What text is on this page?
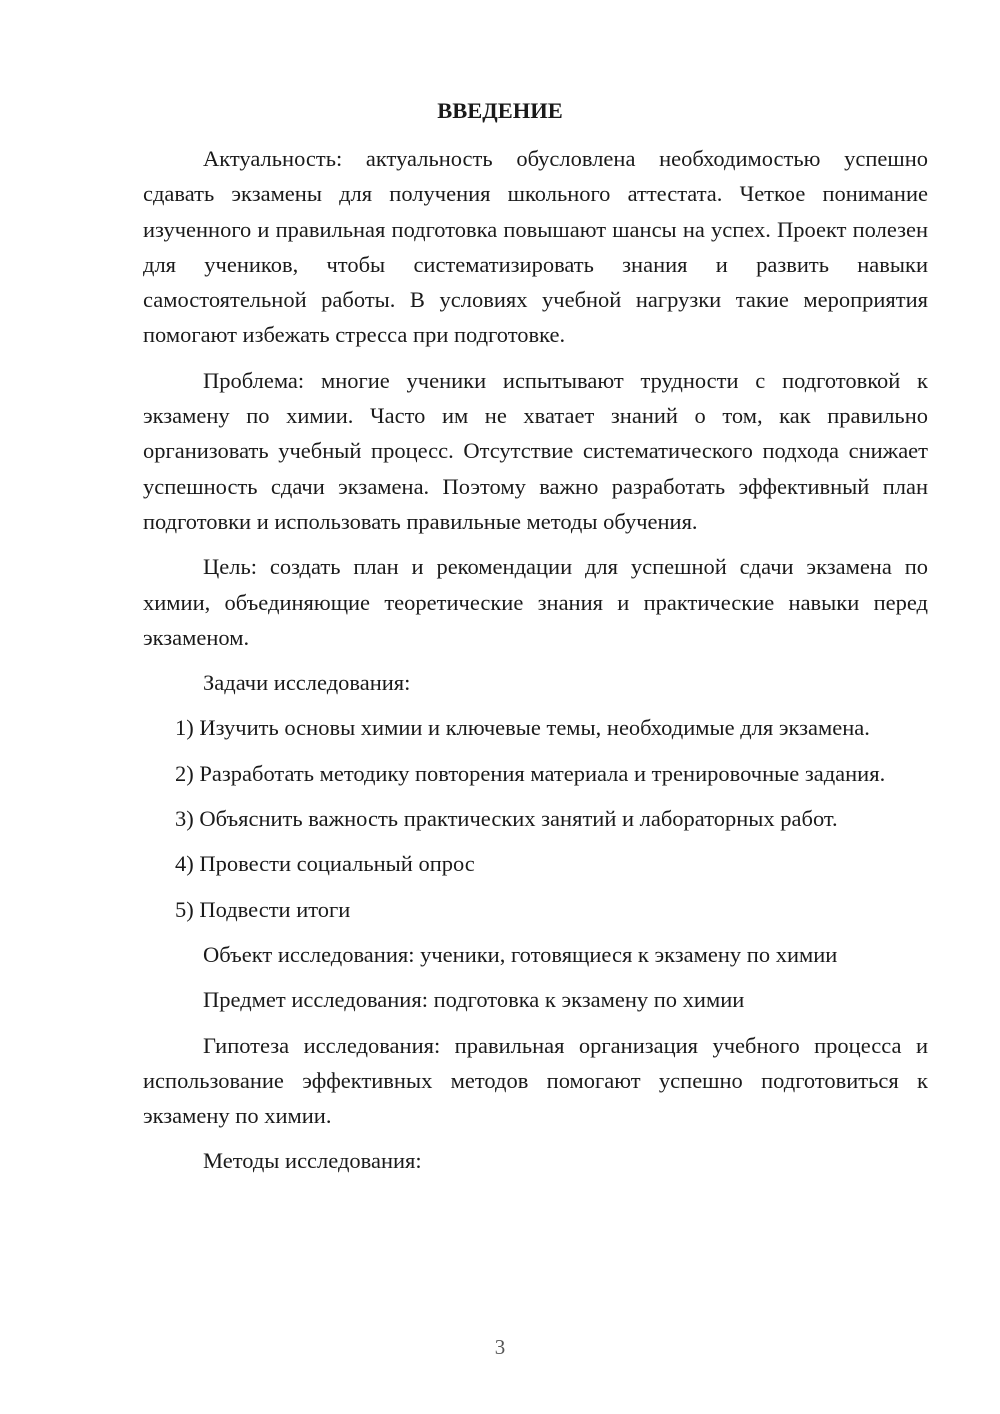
ВВЕДЕНИЕ

Актуальность: актуальность обусловлена необходимостью успешно сдавать экзамены для получения школьного аттестата. Четкое понимание изученного и правильная подготовка повышают шансы на успех. Проект полезен для учеников, чтобы систематизировать знания и развить навыки самостоятельной работы. В условиях учебной нагрузки такие мероприятия помогают избежать стресса при подготовке.

Проблема: многие ученики испытывают трудности с подготовкой к экзамену по химии. Часто им не хватает знаний о том, как правильно организовать учебный процесс. Отсутствие систематического подхода снижает успешность сдачи экзамена. Поэтому важно разработать эффективный план подготовки и использовать правильные методы обучения.

Цель: создать план и рекомендации для успешной сдачи экзамена по химии, объединяющие теоретические знания и практические навыки перед экзаменом.

Задачи исследования:

1) Изучить основы химии и ключевые темы, необходимые для экзамена.

2) Разработать методику повторения материала и тренировочные задания.

3) Объяснить важность практических занятий и лабораторных работ.

4) Провести социальный опрос

5) Подвести итоги

Объект исследования: ученики, готовящиеся к экзамену по химии

Предмет исследования: подготовка к экзамену по химии

Гипотеза исследования: правильная организация учебного процесса и использование эффективных методов помогают успешно подготовиться к экзамену по химии.

Методы исследования:

3
